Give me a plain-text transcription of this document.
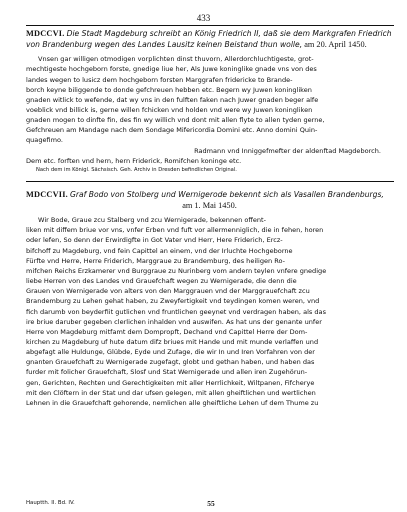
433
MDCCVI. Die Stadt Magdeburg schreibt an König Friedrich II, daß sie dem Markgrafen Friedrich von Brandenburg wegen des Landes Lausitz keinen Beistand thun wolle, am 20. April 1450.
Vnsen gar willigen otmodigen vorplichten dinst thuvorn, Allerdorchluchtigeste, grot-
mechtigeste hochgeborn forste, gnedige liue her, Als Juwe koninglike gnade vns von des
landes wegen to lusicz dem hochgeborn forsten Marggrafen fridericke to Brande-
borch keyne biliggende to donde gefchreuen hebben etc. Begern wy Juwen koningliken
gnaden witlick to wefende, dat wy vns in den fulften faken nach Juwer gnaden beger alfe
voeblick vnd billick is, gerne willen fchicken vnd holden vnd were wy Juwen koningliken
gnaden mogen to dinfte fin, des fin wy willich vnd dont mit allen flyte to allen tyden gerne,
Gefchreuen am Mandage nach dem Sondage Mifericordia Domini etc. Anno domini Quin-
quagefimo.
Radmann vnd Inniggefmefter der aldenftad Magdeborch.
Dem etc. forften vnd hern, hern Friderick, Romifchen koninge etc.
Nach dem im Königl. Sächsisch. Geh. Archiv in Dresden befindlichen Original.
MDCCVII. Graf Bodo von Stolberg und Wernigerode bekennt sich als Vasallen Brandenburgs,
am 1. Mai 1450.
Wir Bode, Graue zcu Stalberg vnd zcu Wernigerade, bekennen offent-
liken mit diffem briue vor vns, vnfer Erben vnd fuft vor allermenniglich, die in fehen, horen
oder lefen, So denn der Erwirdigfte in Got Vater vnd Herr, Here Friderich, Ercz-
bifchoff zu Magdeburg, vnd fein Capittel an einem, vnd der Irluchte Hochgeborne
Fürfte vnd Herre, Herre Friderich, Marggraue zu Brandemburg, des heiligen Ro-
mifchen Reichs Erzkamerer vnd Burggraue zu Nurinberg vom andern teylen vnfere gnedige
liebe Herren von des Landes vnd Grauefchaft wegen zu Wernigerade, die denn die
Grauen von Wernigerade von alters von den Marggrauen vnd der Marggrauefchaft zcu
Brandemburg zu Lehen gehat haben, zu Zweyfertigkeit vnd teydingen komen weren, vnd
fich darumb von beyderfiit gutlichen vnd fruntlichen geeynet vnd verdragen haben, als das
ire briue daruber gegeben clerlichen inhalden vnd auswifen. As hat uns der genante unfer
Herre von Magdeburg mitfamt dem Dompropft, Dechand vnd Capittel Herre der Dom-
kirchen zu Magdeburg uf hute datum difz briues mit Hande und mit munde verlaffen und
abgefagt alle Huldunge, Glübde, Eyde und Zufage, die wir In und Iren Vorfahren von der
gnanten Grauefchaft zu Wernigerade zugefagt, globt und gethan haben, und haben das
furder mit folicher Grauefchaft, Slosf und Stat Wernigerade und allen iren Zugehörun-
gen, Gerichten, Rechten und Gerechtigkeiten mit aller Herrlichkeit, Wiltpanen, Fifcherye
mit den Clöftern in der Stat und dar ufsen gelegen, mit allen gheiftlichen und wertlichen
Lehnen in die Grauefchaft gehorende, nemlichen alle gheiftliche Lehen uf dem Thume zu
Hauptth. II. Bd. IV.	55
